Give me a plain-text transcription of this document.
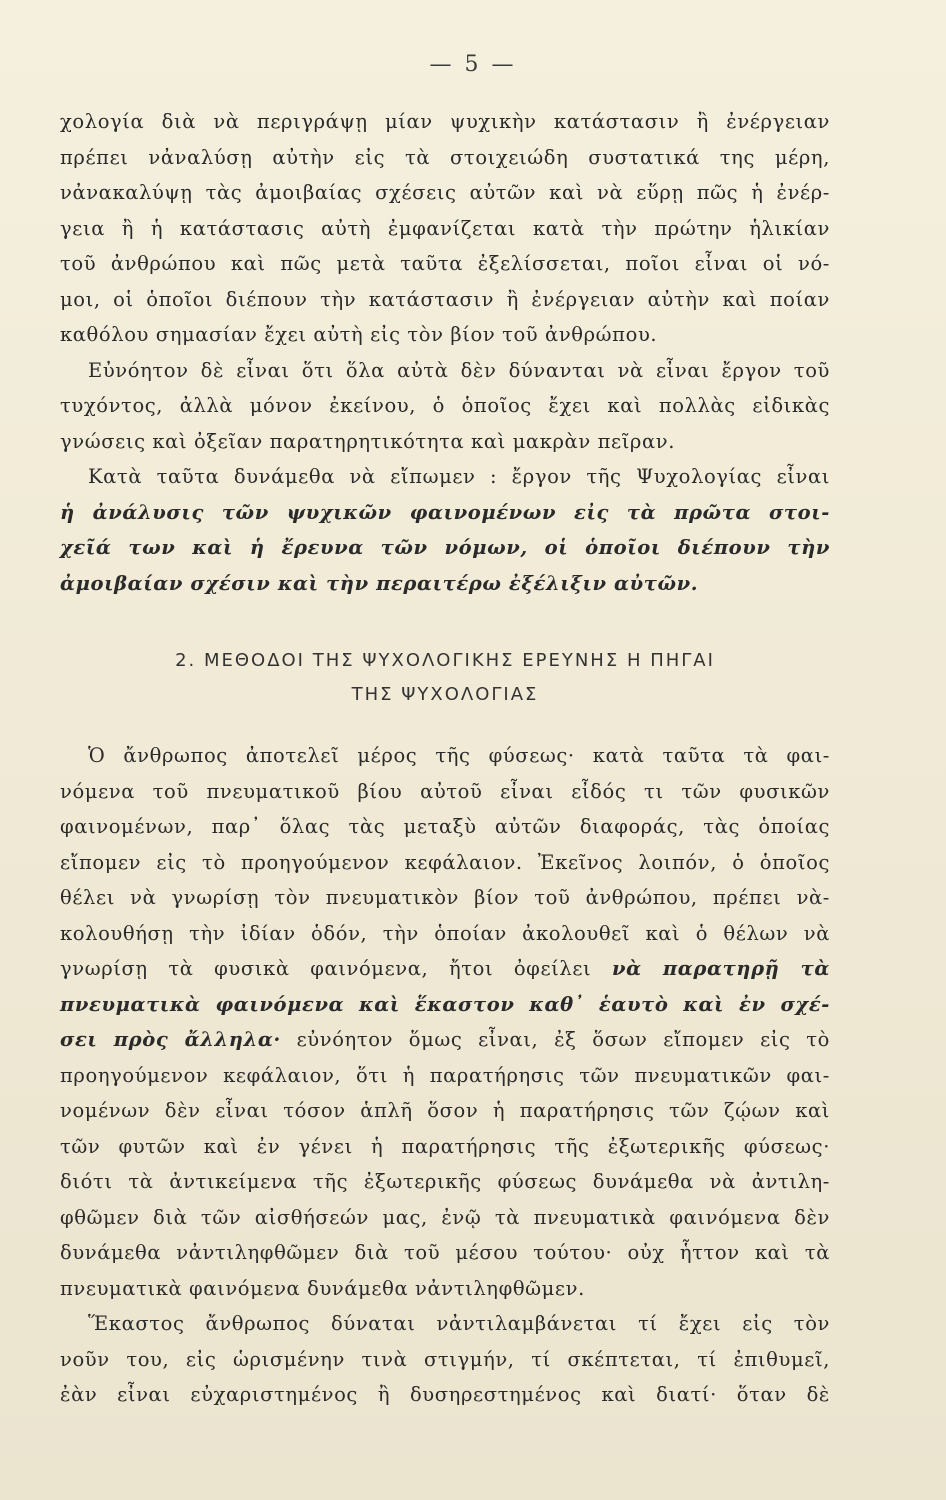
— 5 —
χολογία διὰ νὰ περιγράψῃ μίαν ψυχικὴν κατάστασιν ἢ ἐνέργειαν
πρέπει νἀναλύσῃ αὐτὴν εἰς τὰ στοιχειώδη συστατικά της μέρη,
νἀνακαλύψῃ τὰς ἀμοιβαίας σχέσεις αὐτῶν καὶ νὰ εὕρῃ πῶς ἡ ἐνέρ-
γεια ἢ ἡ κατάστασις αὐτὴ ἐμφανίζεται κατὰ τὴν πρώτην ἡλικίαν
τοῦ ἀνθρώπου καὶ πῶς μετὰ ταῦτα ἐξελίσσεται, ποῖοι εἶναι οἱ νό-
μοι, οἱ ὁποῖοι διέπουν τὴν κατάστασιν ἢ ἐνέργειαν αὐτὴν καὶ ποίαν
καθόλου σημασίαν ἔχει αὐτὴ εἰς τὸν βίον τοῦ ἀνθρώπου.
Εὐνόητον δὲ εἶναι ὅτι ὅλα αὐτὰ δὲν δύνανται νὰ εἶναι ἔργον τοῦ
τυχόντος, ἀλλὰ μόνον ἐκείνου, ὁ ὁποῖος ἔχει καὶ πολλὰς εἰδικὰς
γνώσεις καὶ ὀξεῖαν παρατηρητικότητα καὶ μακρὰν πεῖραν.
Κατὰ ταῦτα δυνάμεθα νὰ εἴπωμεν : ἔργον τῆς Ψυχολογίας εἶναι
ἡ ἀνάλυσις τῶν ψυχικῶν φαινομένων εἰς τὰ πρῶτα στοι-
χεῖά των καὶ ἡ ἔρευνα τῶν νόμων, οἱ ὁποῖοι διέπουν τὴν
ἀμοιβαίαν σχέσιν καὶ τὴν περαιτέρω ἐξέλιξιν αὐτῶν.
2. ΜΕΘΟΔΟΙ ΤΗΣ ΨΥΧΟΛΟΓΙΚΗΣ ΕΡΕΥΝΗΣ Η ΠΗΓΑΙ
ΤΗΣ ΨΥΧΟΛΟΓΙΑΣ
Ὁ ἄνθρωπος ἀποτελεῖ μέρος τῆς φύσεως· κατὰ ταῦτα τὰ φαι-
νόμενα τοῦ πνευματικοῦ βίου αὐτοῦ εἶναι εἶδός τι τῶν φυσικῶν
φαινομένων, παρ᾿ ὅλας τὰς μεταξὺ αὐτῶν διαφοράς, τὰς ὁποίας
εἴπομεν εἰς τὸ προηγούμενον κεφάλαιον. Ἐκεῖνος λοιπόν, ὁ ὁποῖος
θέλει νὰ γνωρίσῃ τὸν πνευματικὸν βίον τοῦ ἀνθρώπου, πρέπει νὰ-
κολουθήσῃ τὴν ἰδίαν ὁδόν, τὴν ὁποίαν ἀκολουθεῖ καὶ ὁ θέλων νὰ
γνωρίσῃ τὰ φυσικὰ φαινόμενα, ἤτοι ὀφείλει νὰ παρατηρῇ τὰ
πνευματικὰ φαινόμενα καὶ ἕκαστον καθ᾿ ἑαυτὸ καὶ ἐν σχέ-
σει πρὸς ἄλληλα· εὐνόητον ὅμως εἶναι, ἐξ ὅσων εἴπομεν εἰς τὸ
προηγούμενον κεφάλαιον, ὅτι ἡ παρατήρησις τῶν πνευματικῶν φαι-
νομένων δὲν εἶναι τόσον ἁπλῆ ὅσον ἡ παρατήρησις τῶν ζῴων καὶ
τῶν φυτῶν καὶ ἐν γένει ἡ παρατήρησις τῆς ἐξωτερικῆς φύσεως·
διότι τὰ ἀντικείμενα τῆς ἐξωτερικῆς φύσεως δυνάμεθα νὰ ἀντιλη-
φθῶμεν διὰ τῶν αἰσθήσεών μας, ἐνῷ τὰ πνευματικὰ φαινόμενα δὲν
δυνάμεθα νἀντιληφθῶμεν διὰ τοῦ μέσου τούτου· οὐχ ἧττον καὶ τὰ
πνευματικὰ φαινόμενα δυνάμεθα νἀντιληφθῶμεν.
Ἕκαστος ἄνθρωπος δύναται νἀντιλαμβάνεται τί ἔχει εἰς τὸν
νοῦν του, εἰς ὡρισμένην τινὰ στιγμήν, τί σκέπτεται, τί ἐπιθυμεῖ,
ἐὰν εἶναι εὐχαριστημένος ἢ δυσηρεστημένος καὶ διατί· ὅταν δὲ
